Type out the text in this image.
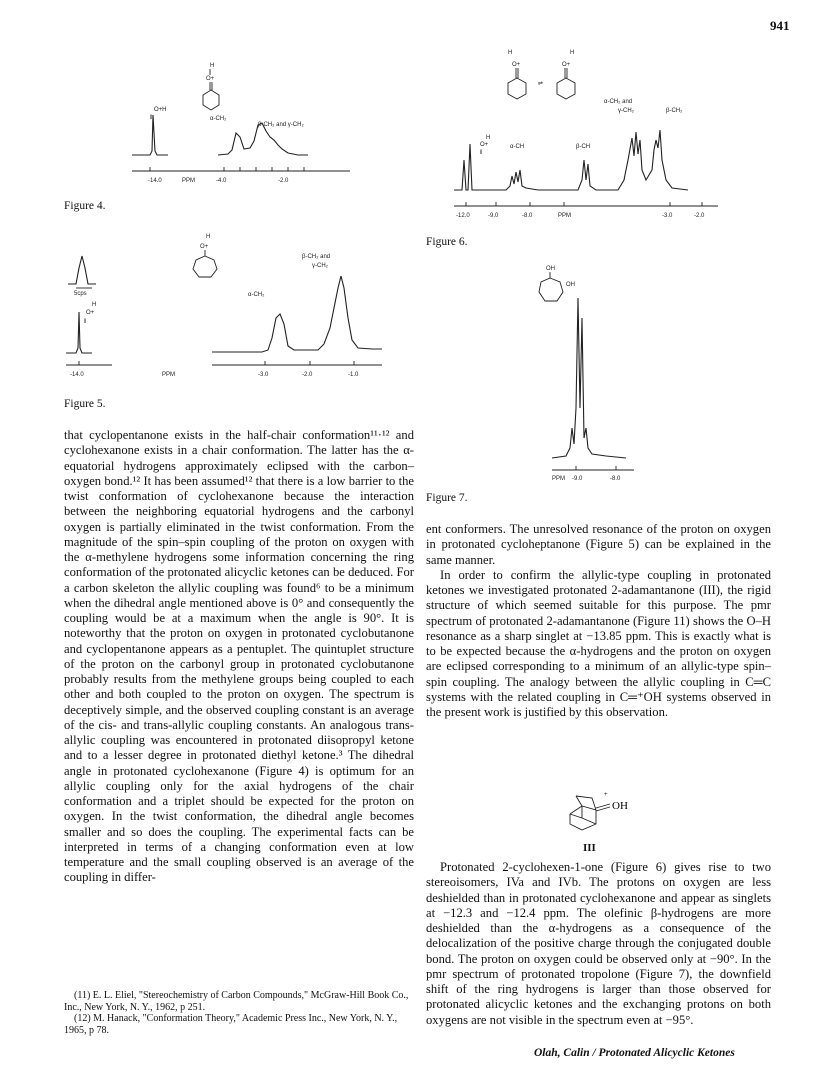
941
H
O+
O+H
‖	α-CH₂
β-CH₂ and γ-CH₂
-14.0	PPM	-4.0	-2.0
Figure 4.
H
O+
5cps
H
O+
‖
β-CH₂ and
γ-CH₂
α-CH₂
-14.0	PPM	-3.0	-2.0	-1.0
Figure 5.
H
O+
⇌
H
O+
α-CH₂ and
γ-CH₂	β-CH₂
H
O+
‖
α-CH	β-CH
-12.0	-9.0	-8.0	PPM	-3.0	-2.0
Figure 6.
OH
OH
PPM -9.0	-8.0
Figure 7.

that cyclopentanone exists in the half-chair conformation¹¹·¹² and cyclohexanone exists in a chair conformation. The latter has the α-equatorial hydrogens approximately eclipsed with the carbon–oxygen bond.¹² It has been assumed¹² that there is a low barrier to the twist conformation of cyclohexanone because the interaction between the neighboring equatorial hydrogens and the carbonyl oxygen is partially eliminated in the twist conformation. From the magnitude of the spin–spin coupling of the proton on oxygen with the α-methylene hydrogens some information concerning the ring conformation of the protonated alicyclic ketones can be deduced. For a carbon skeleton the allylic coupling was found⁶ to be a minimum when the dihedral angle mentioned above is 0° and consequently the coupling would be at a maximum when the angle is 90°. It is noteworthy that the proton on oxygen in protonated cyclobutanone and cyclopentanone appears as a pentuplet. The quintuplet structure of the proton on the carbonyl group in protonated cyclobutanone probably results from the methylene groups being coupled to each other and both coupled to the proton on oxygen. The spectrum is deceptively simple, and the observed coupling constant is an average of the cis- and trans-allylic coupling constants. An analogous trans-allylic coupling was encountered in protonated diisopropyl ketone and to a lesser degree in protonated diethyl ketone.³ The dihedral angle in protonated cyclohexanone (Figure 4) is optimum for an allylic coupling only for the axial hydrogens of the chair conformation and a triplet should be expected for the proton on oxygen. In the twist conformation, the dihedral angle becomes smaller and so does the coupling. The experimental facts can be interpreted in terms of a changing conformation even at low temperature and the small coupling observed is an average of the coupling in differ-

(11) E. L. Eliel, "Stereochemistry of Carbon Compounds," McGraw-Hill Book Co., Inc., New York, N. Y., 1962, p 251.

(12) M. Hanack, "Conformation Theory," Academic Press Inc., New York, N. Y., 1965, p 78.

ent conformers. The unresolved resonance of the proton on oxygen in protonated cycloheptanone (Figure 5) can be explained in the same manner.

In order to confirm the allylic-type coupling in protonated ketones we investigated protonated 2-adamantanone (III), the rigid structure of which seemed suitable for this purpose. The pmr spectrum of protonated 2-adamantanone (Figure 11) shows the O–H resonance as a sharp singlet at −13.85 ppm. This is exactly what is to be expected because the α-hydrogens and the proton on oxygen are eclipsed corresponding to a minimum of an allylic-type spin–spin coupling. The analogy between the allylic coupling in C═C systems with the related coupling in C═⁺OH systems observed in the present work is justified by this observation.

+
OH
III

Protonated 2-cyclohexen-1-one (Figure 6) gives rise to two stereoisomers, IVa and IVb. The protons on oxygen are less deshielded than in protonated cyclohexanone and appear as singlets at −12.3 and −12.4 ppm. The olefinic β-hydrogens are more deshielded than the α-hydrogens as a consequence of the delocalization of the positive charge through the conjugated double bond. The proton on oxygen could be observed only at −90°. In the pmr spectrum of protonated tropolone (Figure 7), the downfield shift of the ring hydrogens is larger than those observed for protonated alicyclic ketones and the exchanging protons on both oxygens are not visible in the spectrum even at −95°.

Olah, Calin / Protonated Alicyclic Ketones
